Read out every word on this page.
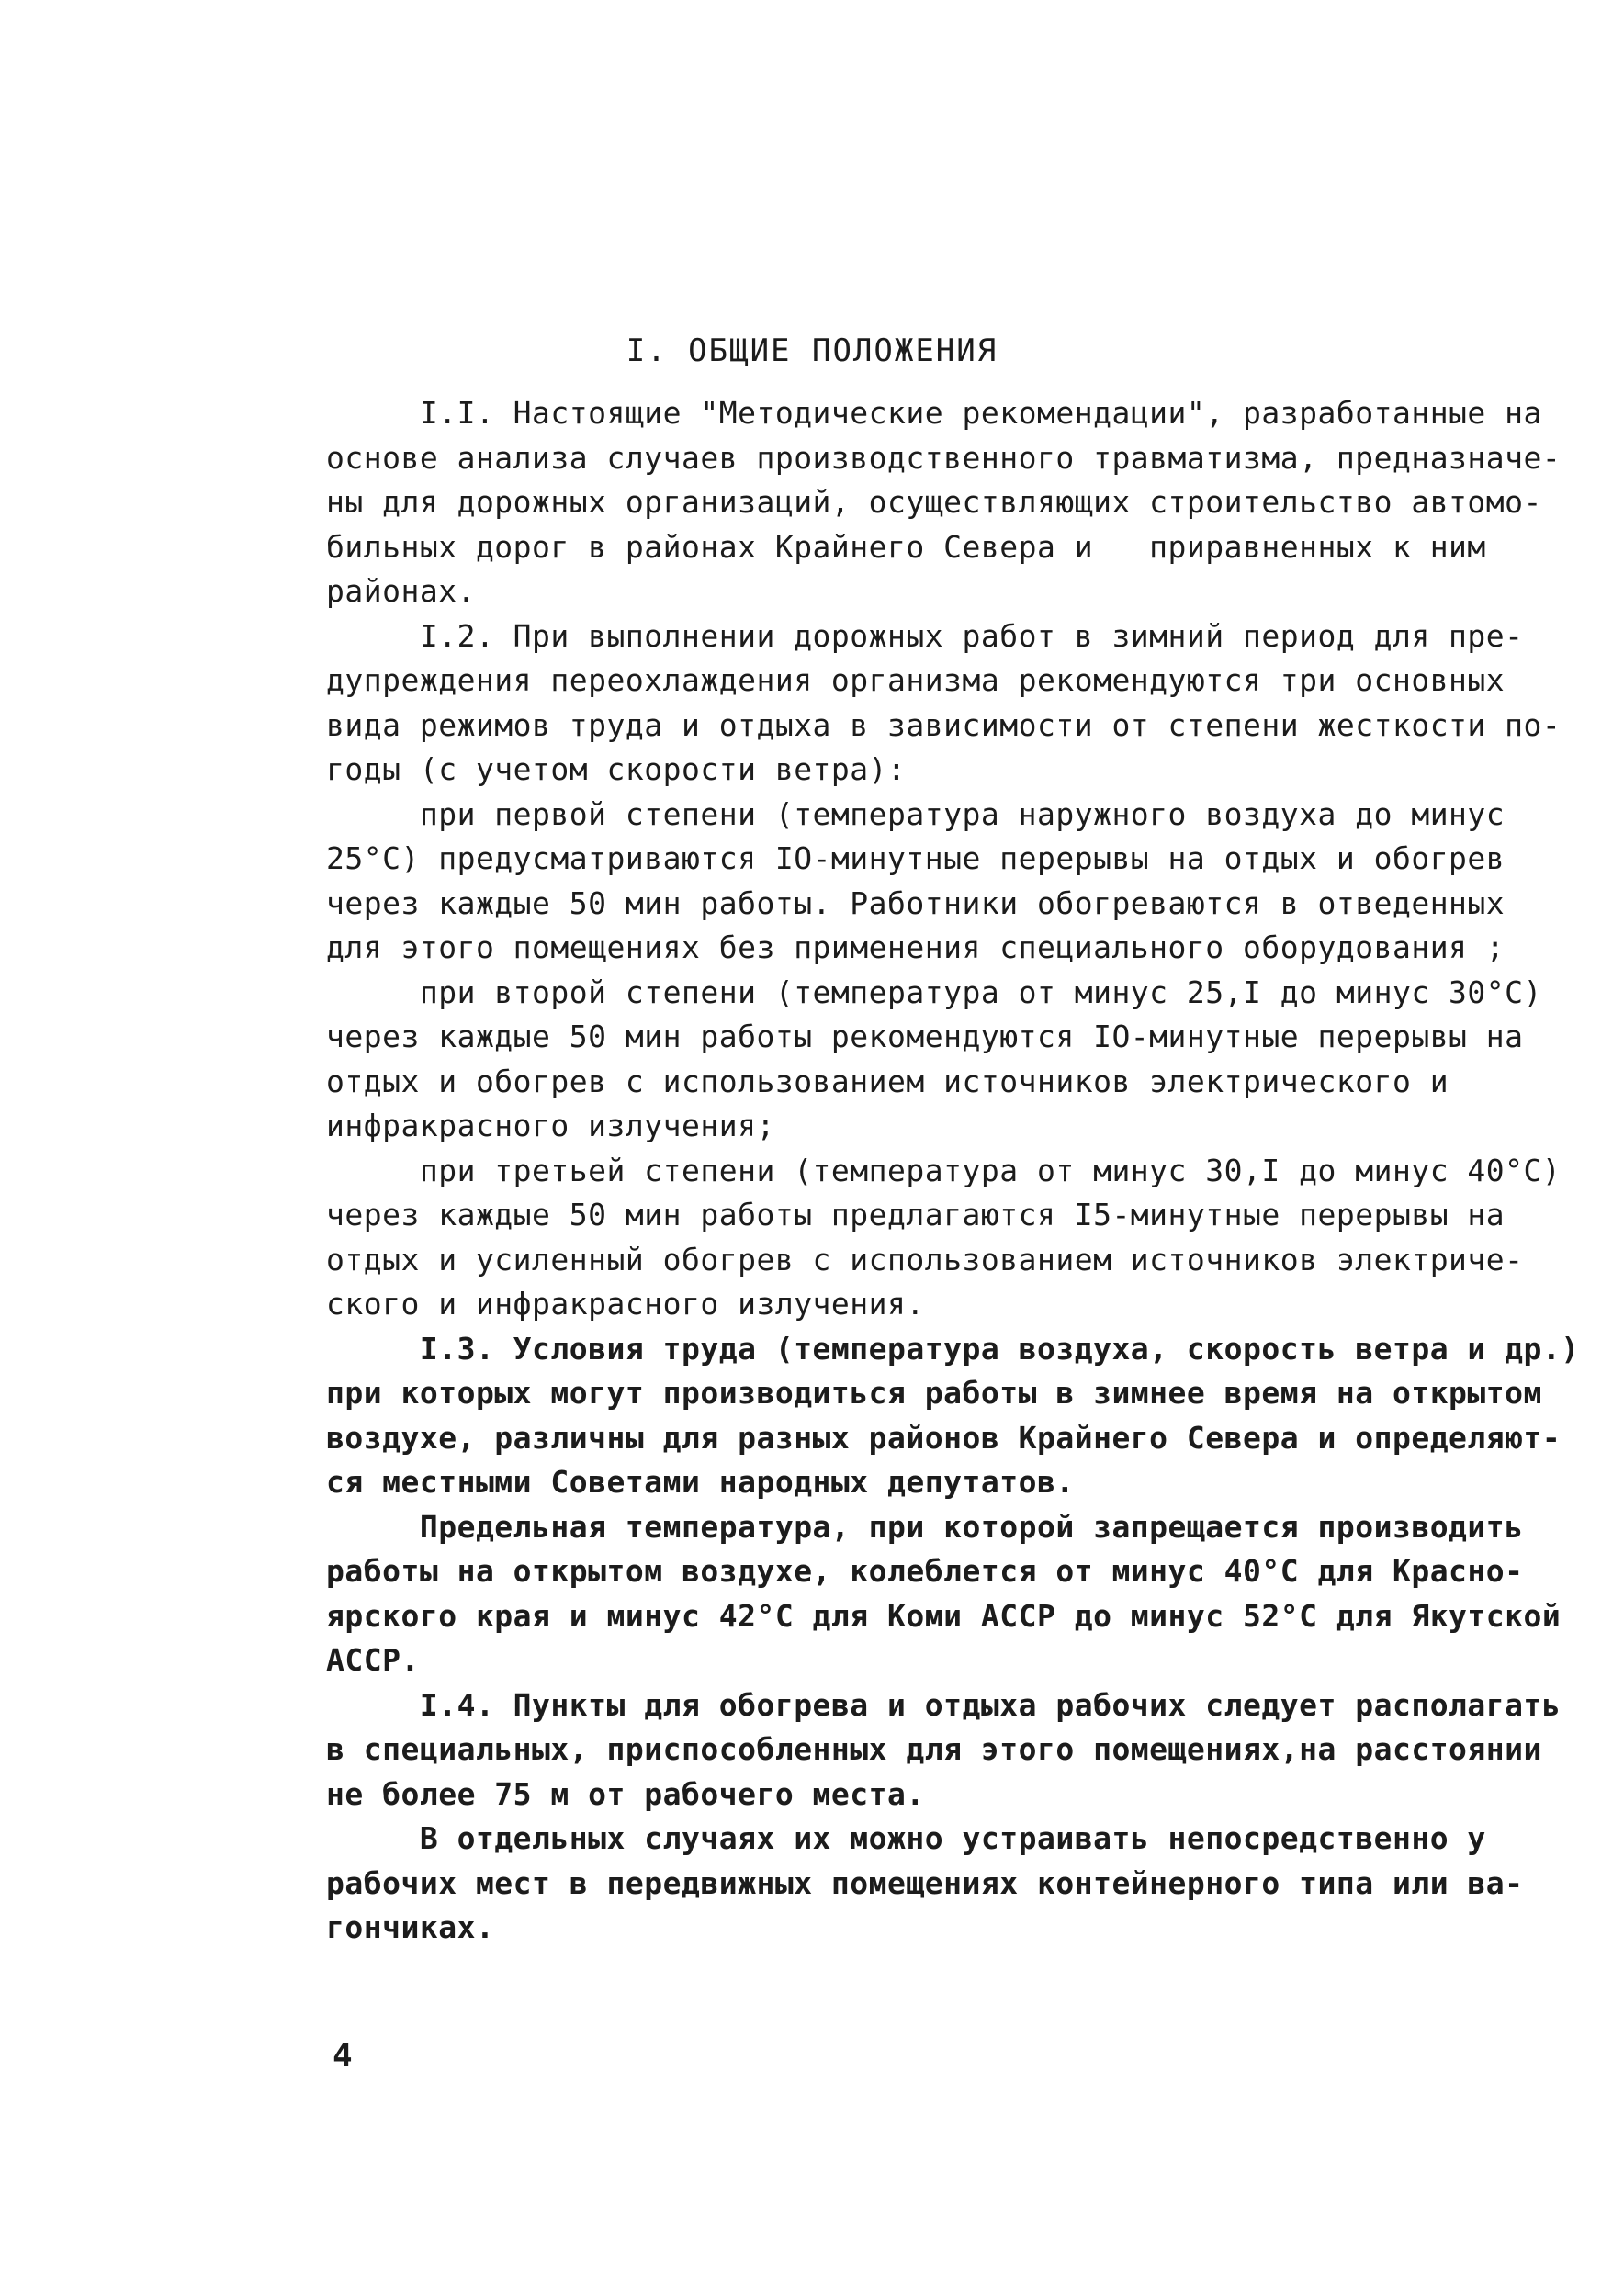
I. ОБЩИЕ ПОЛОЖЕНИЯ
I.I. Настоящие "Методические рекомендации", разработанные на
основе анализа случаев производственного травматизма, предназначе-
ны для дорожных организаций, осуществляющих строительство автомо-
бильных дорог в районах Крайнего Севера и   приравненных к ним
районах.
I.2. При выполнении дорожных работ в зимний период для пре-
дупреждения переохлаждения организма рекомендуются три основных
вида режимов труда и отдыха в зависимости от степени жесткости по-
годы (с учетом скорости ветра):
при первой степени (температура наружного воздуха до минус
25°С) предусматриваются IO-минутные перерывы на отдых и обогрев
через каждые 50 мин работы. Работники обогреваются в отведенных
для этого помещениях без применения специального оборудования ;
при второй степени (температура от минус 25,I до минус 30°С)
через каждые 50 мин работы рекомендуются IO-минутные перерывы на
отдых и обогрев с использованием источников электрического и
инфракрасного излучения;
при третьей степени (температура от минус 30,I до минус 40°С)
через каждые 50 мин работы предлагаются I5-минутные перерывы на
отдых и усиленный обогрев с использованием источников электриче-
ского и инфракрасного излучения.
I.3. Условия труда (температура воздуха, скорость ветра и др.)
при которых могут производиться работы в зимнее время на открытом
воздухе, различны для разных районов Крайнего Севера и определяют-
ся местными Советами народных депутатов.
Предельная температура, при которой запрещается производить
работы на открытом воздухе, колеблется от минус 40°С для Красно-
ярского края и минус 42°С для Коми АССР до минус 52°С для Якутской
АССР.
I.4. Пункты для обогрева и отдыха рабочих следует располагать
в специальных, приспособленных для этого помещениях,на расстоянии
не более 75 м от рабочего места.
В отдельных случаях их можно устраивать непосредственно у
рабочих мест в передвижных помещениях контейнерного типа или ва-
гончиках.
4
